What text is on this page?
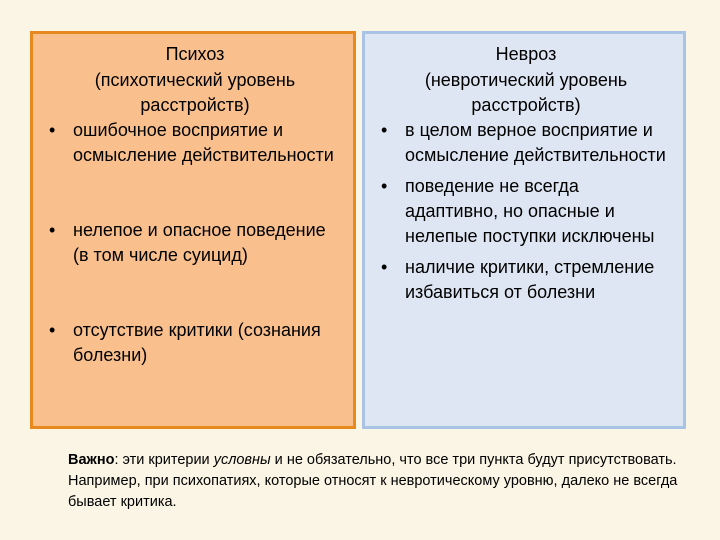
Психоз
(психотический уровень
расстройств)
• ошибочное восприятие и осмысление действительности
• нелепое и опасное поведение (в том числе суицид)
• отсутствие критики (сознания болезни)
Невроз
(невротический уровень
расстройств)
• в целом верное восприятие и осмысление действительности
• поведение не всегда адаптивно, но опасные и нелепые поступки исключены
• наличие критики, стремление избавиться от болезни
Важно: эти критерии условны и не обязательно, что все три пункта будут присутствовать. Например, при психопатиях, которые относят к невротическому уровню, далеко не всегда бывает критика.
